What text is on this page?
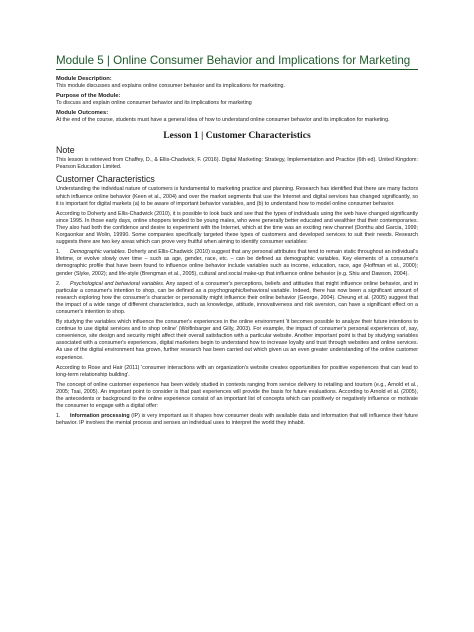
Module 5 | Online Consumer Behavior and Implications for Marketing

Module Description:

This module discusses and explains online consumer behavior and its implications for marketing.

Purpose of the Module:

To discuss and explain online consumer behavior and its implications for marketing

Module Outcomes:

At the end of the course, students must have a general idea of how to understand online consumer behavior and its implication for marketing.

Lesson 1 | Customer Characteristics
Note

This lesson is retrieved from Chaffey, D., & Ellis-Chadwick, F. (2016). Digital Marketing: Strategy, Implementation and Practice (6th ed). United Kingdom: Pearson Education Limited.

Customer Characteristics

Understanding the individual nature of customers is fundamental to marketing practice and planning. Research has identified that there are many factors which influence online behavior (Keen et al., 2004) and over the market segments that use the Internet and digital services has changed significantly, so it is important for digital markets (a) to be aware of important behavior variables, and (b) to understand how to model online consumer behavior.

According to Doherty and Ellis-Chadwick (2010), it is possible to look back and see that the types of individuals using the web have changed significantly since 1995. In those early days, online shoppers tended to be young males, who were generally better educated and wealthier that their contemporaries. They also had both the confidence and desire to experiment with the Internet, which at the time was an exciting new channel (Donthu abd Garcia, 1999; Korgaonkar and Wolin, 19990. Some companies specifically targeted these types of customers and developed services to suit their needs. Research suggests there are two key areas which can prove very fruitful when aiming to identify consumer variables:

1. Demographic variables. Doherty and Ellis-Chadwick (2010) suggest that any personal attributes that tend to remain static throughout an individual's lifetime, or evolve slowly over time – such as age, gender, race, etc. – can be defined as demographic variables. Key elements of a consumer's demographic profile that have been found to influence online behavior include variables such as income, education, race, age (Hoffman et al., 2000); gender (Slyke, 2002); and life-style (Brengman et al., 2005), cultural and social make-up that influence online behavior (e.g. Shiu and Dawson, 2004).

2. Psychological and behavioral variables. Any aspect of a consumer's perceptions, beliefs and attitudes that might influence online behavior, and in particular a consumer's intention to shop, can be defined as a psychographic/behavioral variable. Indeed, there has now been a significant amount of research exploring how the consumer's character or personality might influence their online behavior (George, 2004). Cheung et al. (2005) suggest that the impact of a wide range of different characteristics, such as knowledge, attitude, innovativeness and risk aversion, can have a significant effect on a consumer's intention to shop.

By studying the variables which influence the consumer's experiences in the online environment 'it becomes possible to analyze their future intentions to continue to use digital services and to shop online' (Wolfinbarger and Gilly, 2003). For example, the impact of consumer's personal experiences of, say, convenience, site design and security might affect their overall satisfaction with a particular website. Another important point is that by studying variables associated with a consumer's experiences, digital marketers begin to understand how to increase loyalty and trust through websites and online services. As use of the digital environment has grown, further research has been carried out which given us an even greater understanding of the online customer experience.

According to Rose and Hair (2011) 'consumer interactions with an organization's website creates opportunities for positive experiences that can lead to long-term relationship building'.

The concept of online customer experience has been widely studied in contexts ranging from service delivery to retailing and tourism (e.g., Arnold et al., 2005; Tsai, 2005). An important point to consider is that past experiences will provide the basis for future evaluations. According to Arnold et al. (2005), the antecedents or background to the online experience consist of an important list of concepts which can positively or negatively influence or motivate the consumer to engage with a digital offer:

1. Information processing (IP) is very important as it shapes how consumer deals with available data and information that will influence their future behavior. IP involves the mental process and senses an individual uses to interpret the world they inhabit.
